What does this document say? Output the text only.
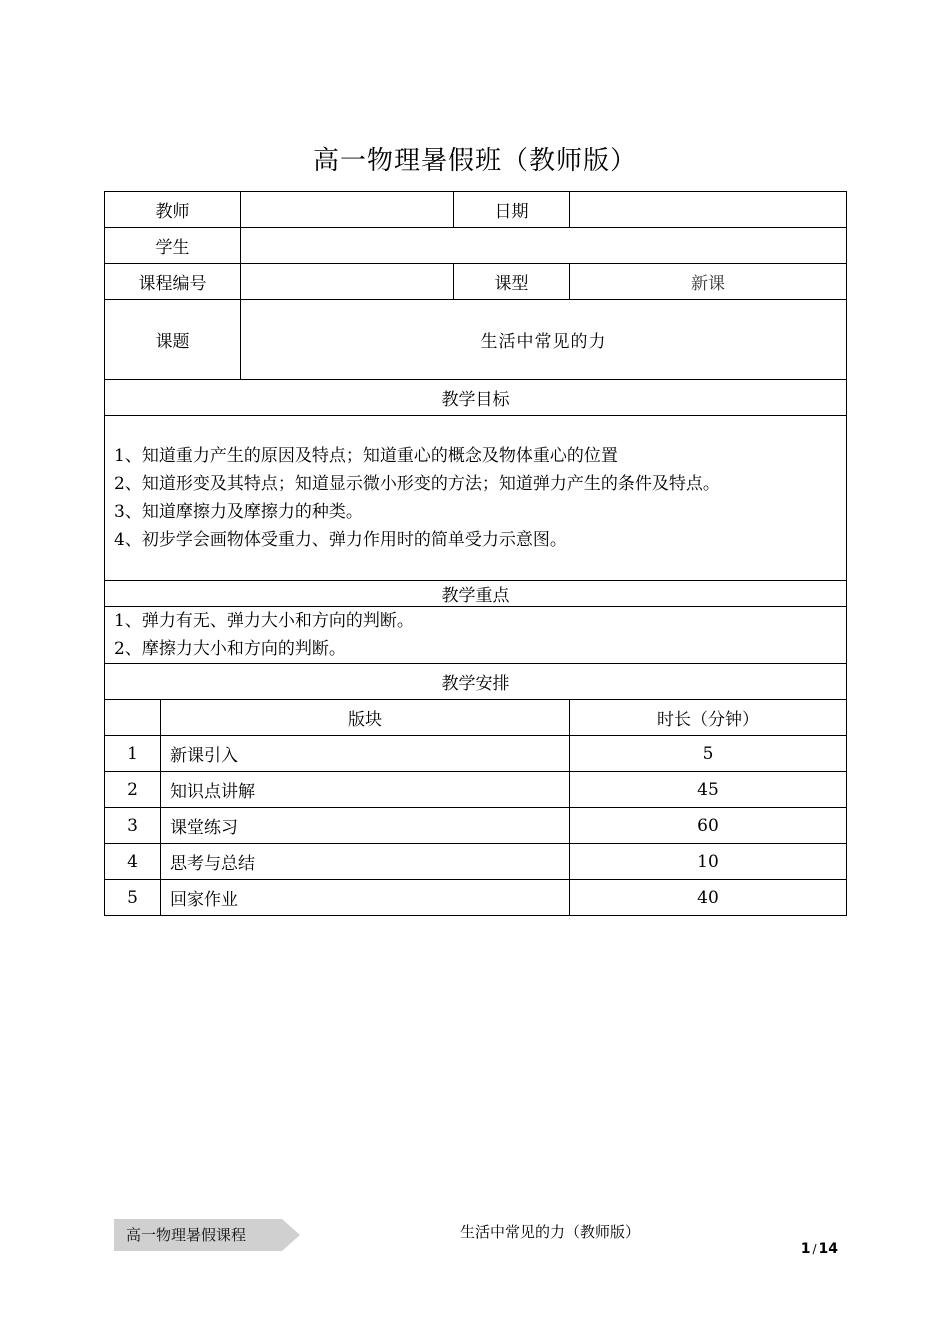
高一物理暑假班（教师版）
教师			日期	
学生				
课程编号			课型	新课
课题		生活中常见的力		
教学目标				

1、知道重力产生的原因及特点；知道重心的概念及物体重心的位置
2、知道形变及其特点；知道显示微小形变的方法；知道弹力产生的条件及特点。
3、知道摩擦力及摩擦力的种类。
4、初步学会画物体受重力、弹力作用时的简单受力示意图。				

教学重点				

1、弹力有无、弹力大小和方向的判断。
2、摩擦力大小和方向的判断。				

教学安排				
	版块			时长（分钟）
1	新课引入			5
2	知识点讲解			45
3	课堂练习			60
4	思考与总结			10
5	回家作业			40
高一物理暑假课程	生活中常见的力（教师版）
1 / 14
